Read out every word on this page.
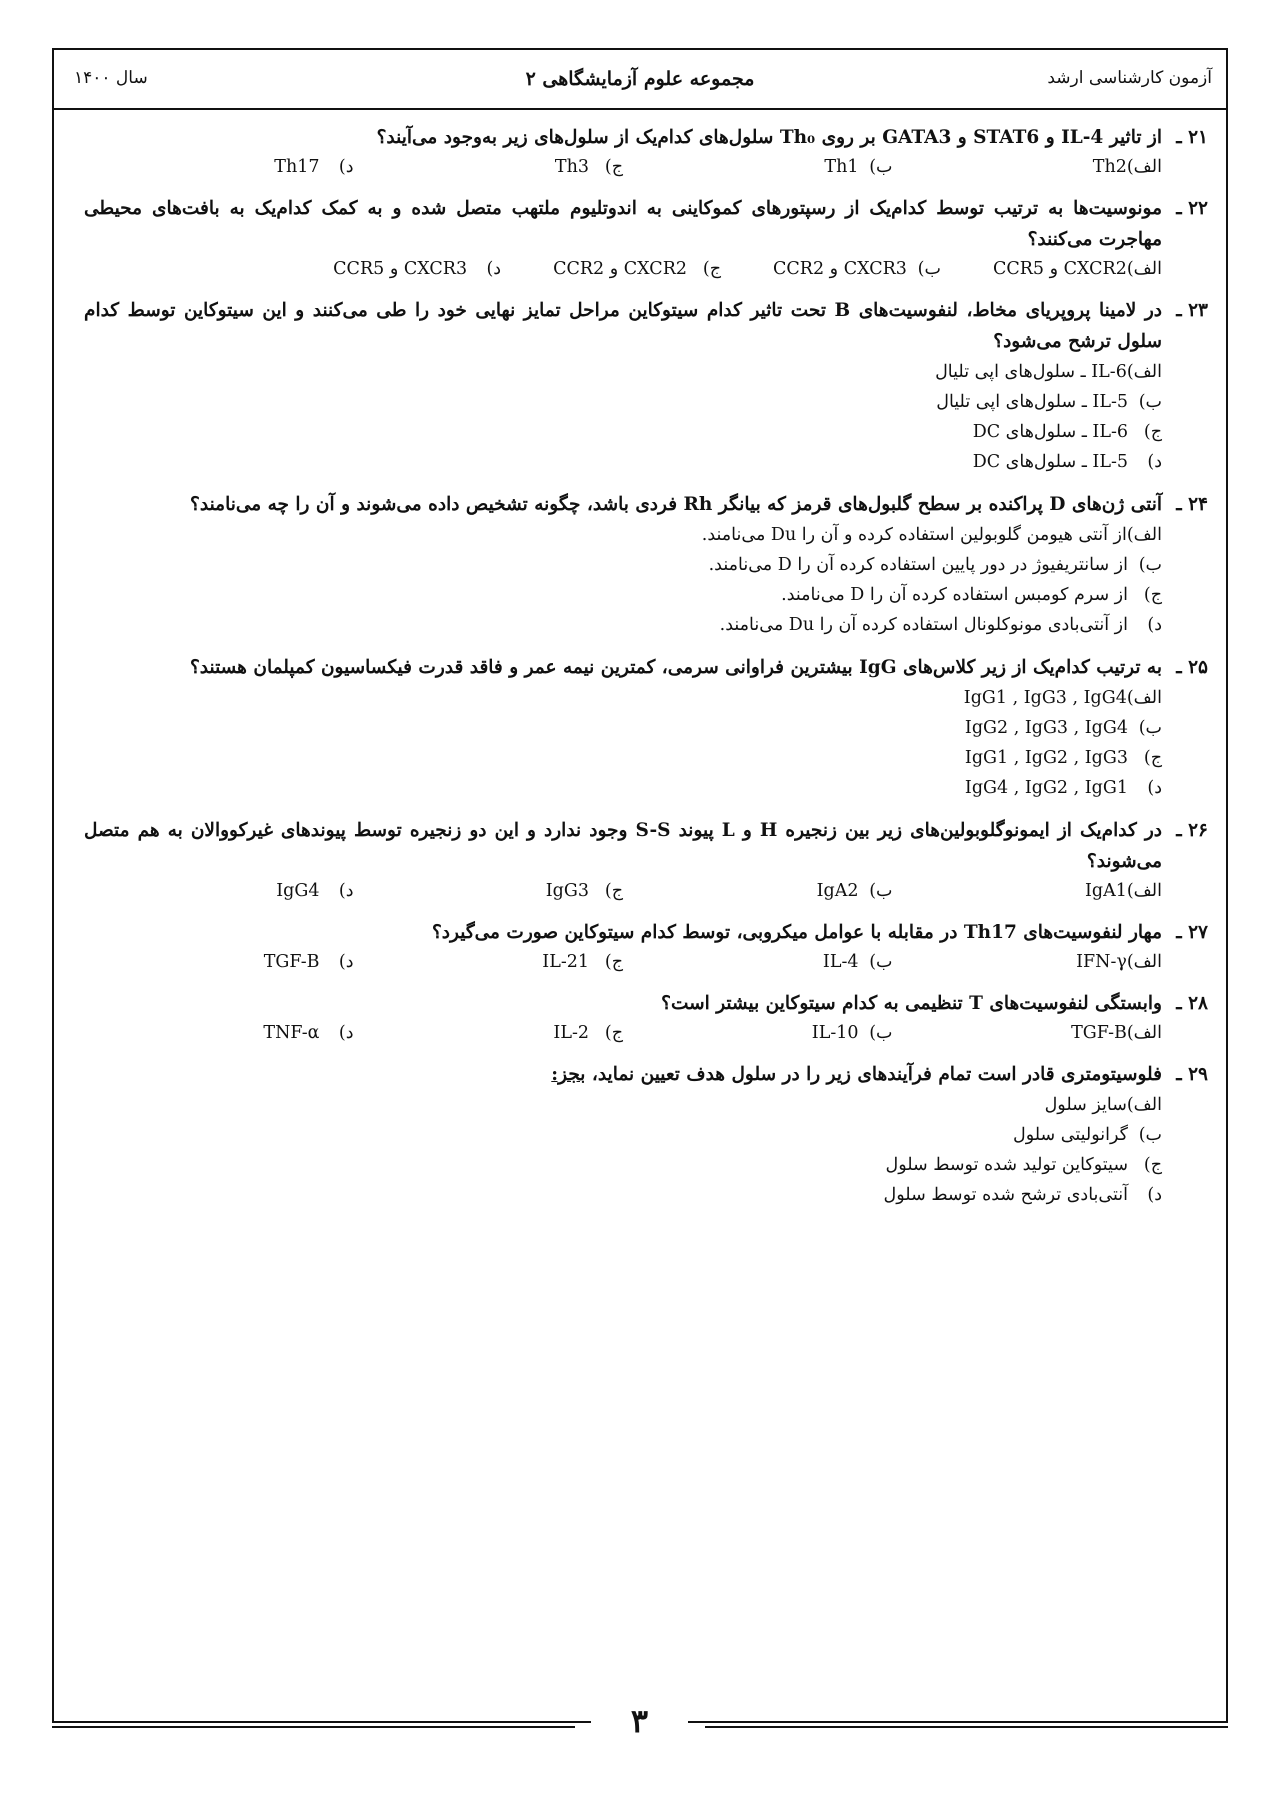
آزمون کارشناسی ارشد
مجموعه علوم آزمایشگاهی ۲
سال ۱۴۰۰
۲۱ ـ
از تاثیر IL-4 و STAT6 و GATA3 بر روی Th₀ سلول‌های کدام‌یک از سلول‌های زیر به‌وجود می‌آیند؟
الف)Th2
ب)Th1
ج)Th3
د)Th17
۲۲ ـ
مونوسیت‌ها به ترتیب توسط کدام‌یک از رسپتورهای کموکاینی به اندوتلیوم ملتهب متصل شده و به کمک کدام‌یک به بافت‌های محیطی مهاجرت می‌کنند؟
الف)CXCR2 و CCR5
ب)CXCR3 و CCR2
ج)CXCR2 و CCR2
د)CXCR3 و CCR5
۲۳ ـ
در لامینا پروپریای مخاط، لنفوسیت‌های B تحت تاثیر کدام سیتوکاین مراحل تمایز نهایی خود را طی می‌کنند و این سیتوکاین توسط کدام سلول ترشح می‌شود؟
الف)IL-6 ـ سلول‌های اپی تلیال
ب)IL-5 ـ سلول‌های اپی تلیال
ج)IL-6 ـ سلول‌های DC
د)IL-5 ـ سلول‌های DC
۲۴ ـ
آنتی ژن‌های D پراکنده بر سطح گلبول‌های قرمز که بیانگر Rh فردی باشد، چگونه تشخیص داده می‌شوند و آن را چه می‌نامند؟
الف)از آنتی هیومن گلوبولین استفاده کرده و آن را Du می‌نامند.
ب)از سانتریفیوژ در دور پایین استفاده کرده آن را D می‌نامند.
ج)از سرم کومبس استفاده کرده آن را D می‌نامند.
د)از آنتی‌بادی مونوکلونال استفاده کرده آن را Du می‌نامند.
۲۵ ـ
به ترتیب کدام‌یک از زیر کلاس‌های IgG بیشترین فراوانی سرمی، کمترین نیمه عمر و فاقد قدرت فیکساسیون کمپلمان هستند؟
الف)IgG1 , IgG3 , IgG4
ب)IgG2 , IgG3 , IgG4
ج)IgG1 , IgG2 , IgG3
د)IgG4 , IgG2 , IgG1
۲۶ ـ
در کدام‌یک از ایمونوگلوبولین‌های زیر بین زنجیره H و L پیوند S-S وجود ندارد و این دو زنجیره توسط پیوندهای غیرکووالان به هم متصل می‌شوند؟
الف)IgA1
ب)IgA2
ج)IgG3
د)IgG4
۲۷ ـ
مهار لنفوسیت‌های Th17 در مقابله با عوامل میکروبی، توسط کدام سیتوکاین صورت می‌گیرد؟
الف)IFN-γ
ب)IL-4
ج)IL-21
د)TGF-B
۲۸ ـ
وابستگی لنفوسیت‌های T تنظیمی به کدام سیتوکاین بیشتر است؟
الف)TGF-B
ب)IL-10
ج)IL-2
د)TNF-α
۲۹ ـ
فلوسیتومتری قادر است تمام فرآیندهای زیر را در سلول هدف تعیین نماید، بجز:
الف)سایز سلول
ب)گرانولیتی سلول
ج)سیتوکاین تولید شده توسط سلول
د)آنتی‌بادی ترشح شده توسط سلول
۳
